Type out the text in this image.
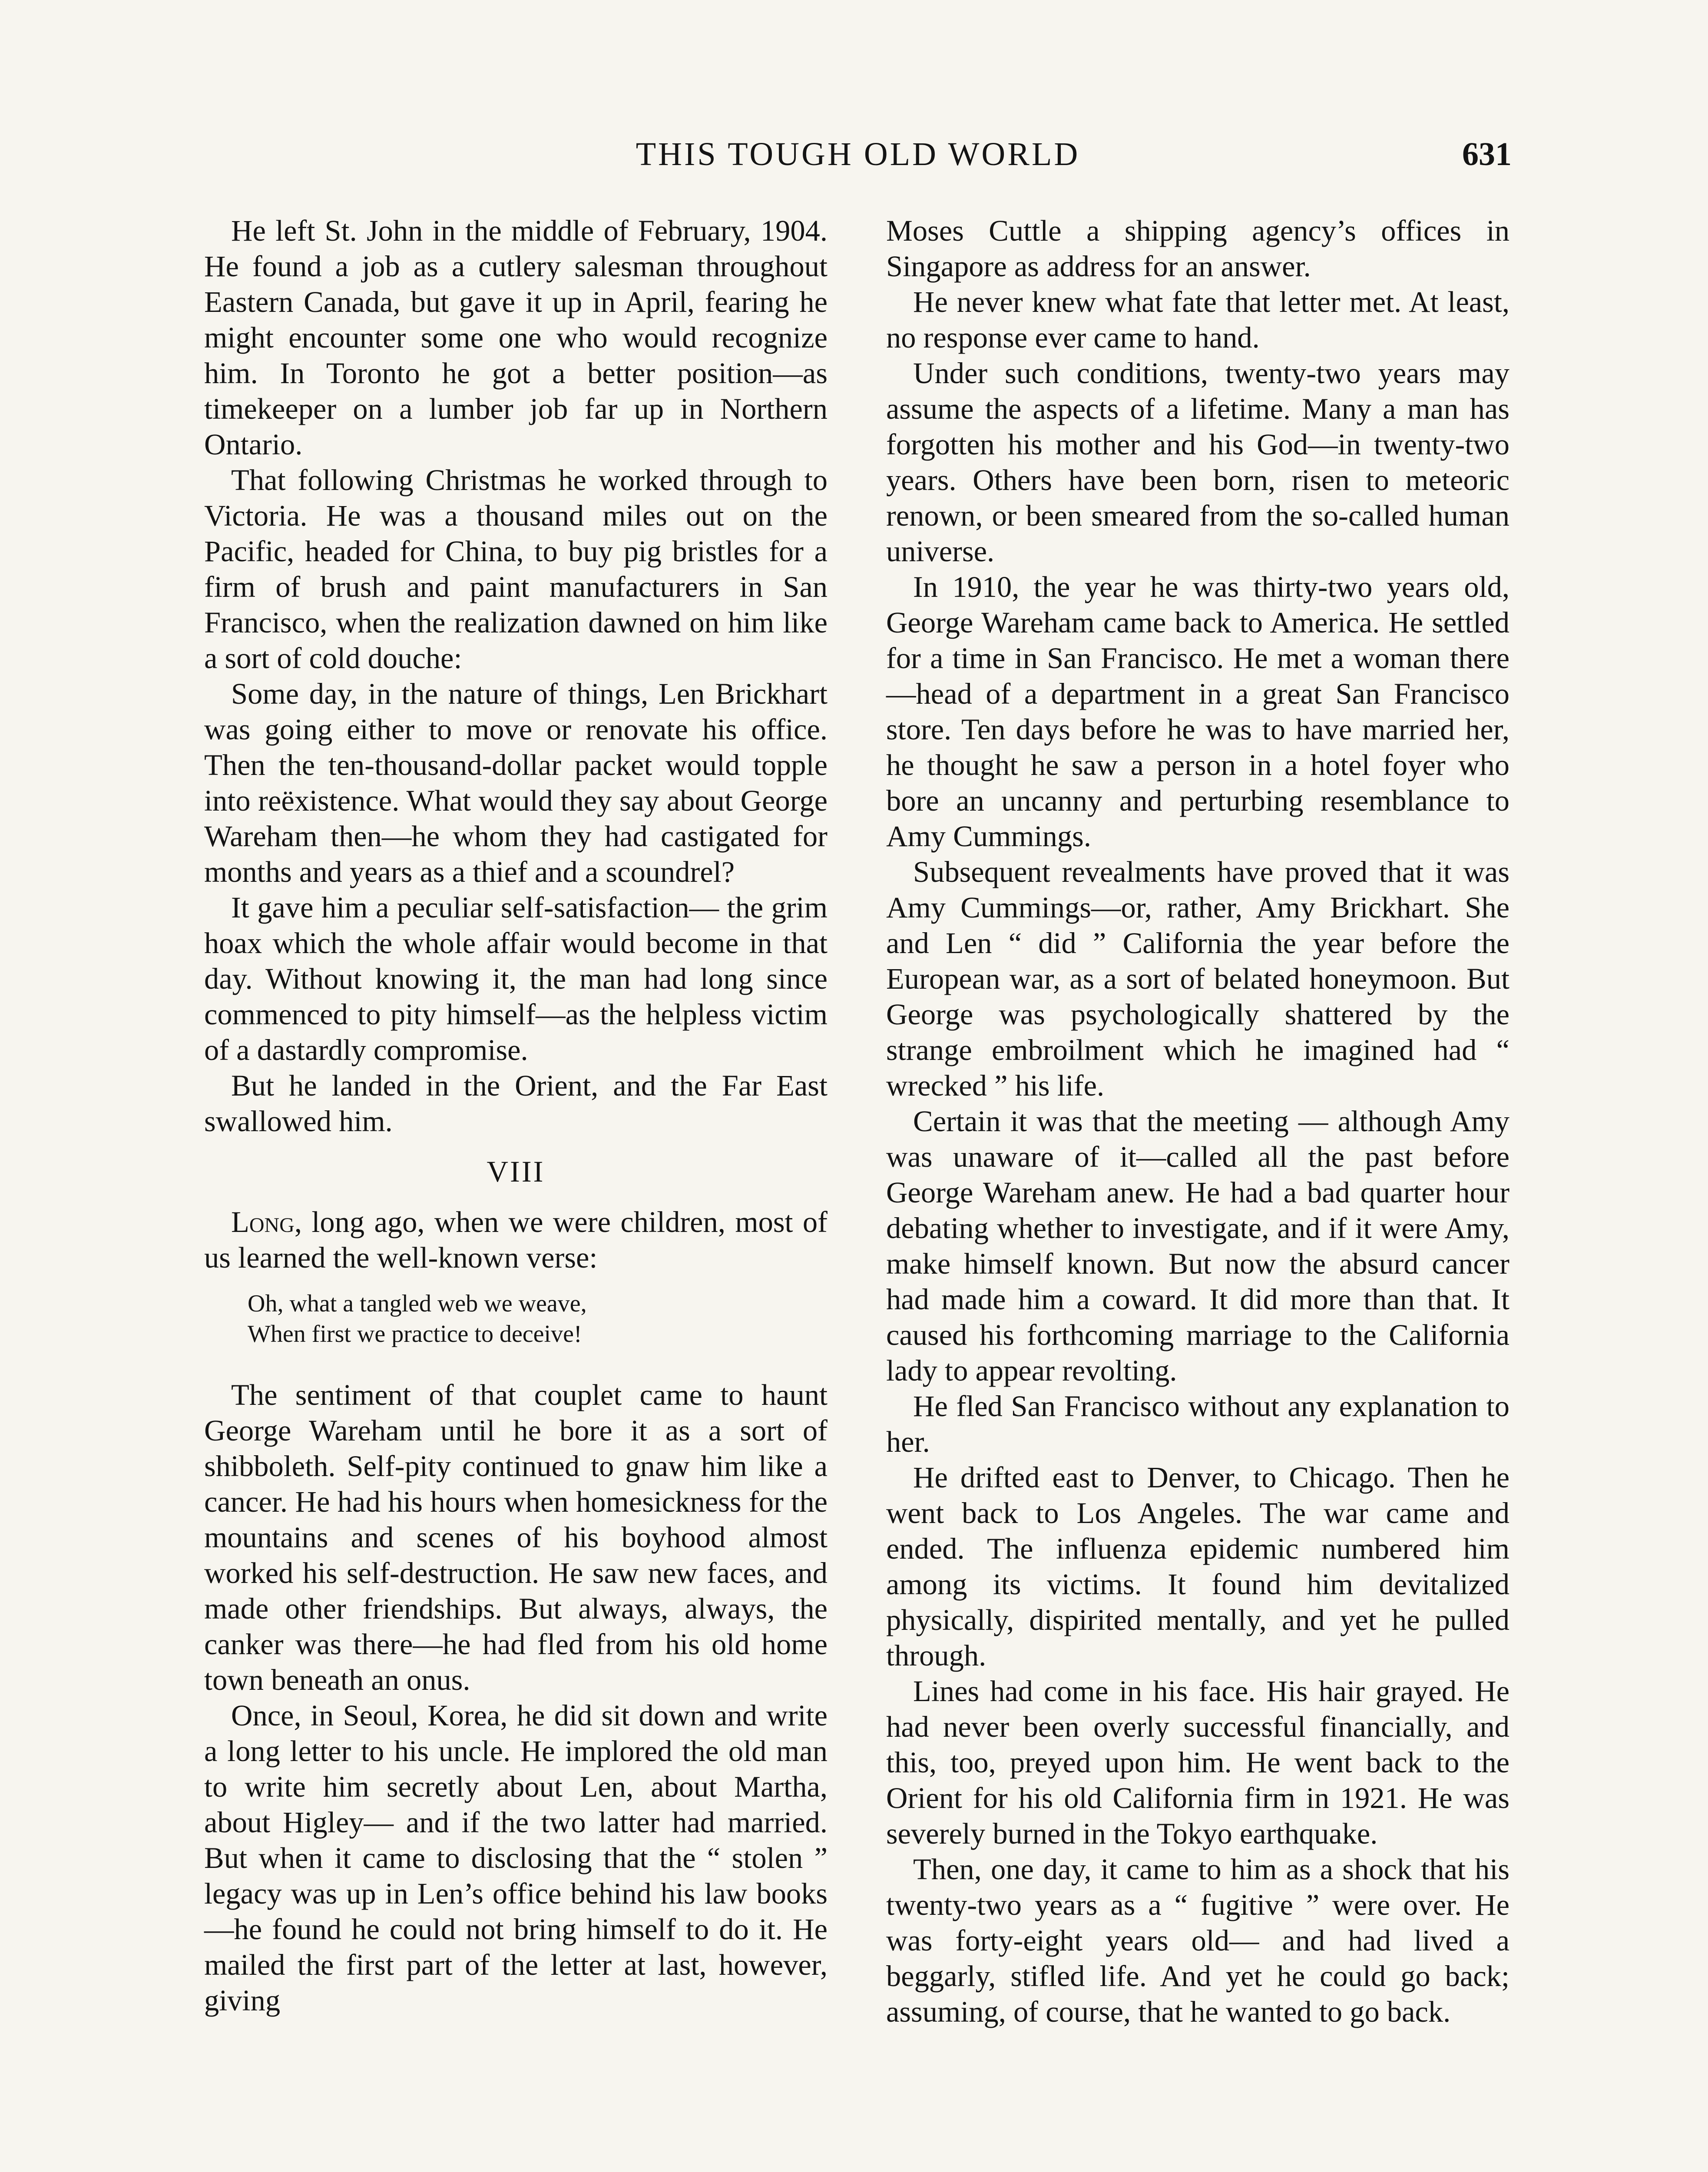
THIS TOUGH OLD WORLD	631

He left St. John in the middle of February, 1904. He found a job as a cutlery salesman throughout Eastern Canada, but gave it up in April, fearing he might encounter some one who would recognize him. In Toronto he got a better position—as timekeeper on a lumber job far up in Northern Ontario.

That following Christmas he worked through to Victoria. He was a thousand miles out on the Pacific, headed for China, to buy pig bristles for a firm of brush and paint manufacturers in San Francisco, when the realization dawned on him like a sort of cold douche:

Some day, in the nature of things, Len Brickhart was going either to move or renovate his office. Then the ten-thousand-dollar packet would topple into reëxistence. What would they say about George Wareham then—he whom they had castigated for months and years as a thief and a scoundrel?

It gave him a peculiar self-satisfaction— the grim hoax which the whole affair would become in that day. Without knowing it, the man had long since commenced to pity himself—as the helpless victim of a dastardly compromise.

But he landed in the Orient, and the Far East swallowed him.

VIII

Long, long ago, when we were children, most of us learned the well-known verse:

Oh, what a tangled web we weave,
When first we practice to deceive!

The sentiment of that couplet came to haunt George Wareham until he bore it as a sort of shibboleth. Self-pity continued to gnaw him like a cancer. He had his hours when homesickness for the mountains and scenes of his boyhood almost worked his self-destruction. He saw new faces, and made other friendships. But always, always, the canker was there—he had fled from his old home town beneath an onus.

Once, in Seoul, Korea, he did sit down and write a long letter to his uncle. He implored the old man to write him secretly about Len, about Martha, about Higley— and if the two latter had married. But when it came to disclosing that the “ stolen ” legacy was up in Len’s office behind his law books—he found he could not bring himself to do it. He mailed the first part of the letter at last, however, giving

Moses Cuttle a shipping agency’s offices in Singapore as address for an answer.

He never knew what fate that letter met. At least, no response ever came to hand.

Under such conditions, twenty-two years may assume the aspects of a lifetime. Many a man has forgotten his mother and his God—in twenty-two years. Others have been born, risen to meteoric renown, or been smeared from the so-called human universe.

In 1910, the year he was thirty-two years old, George Wareham came back to America. He settled for a time in San Francisco. He met a woman there—head of a department in a great San Francisco store. Ten days before he was to have married her, he thought he saw a person in a hotel foyer who bore an uncanny and perturbing resemblance to Amy Cummings.

Subsequent revealments have proved that it was Amy Cummings—or, rather, Amy Brickhart. She and Len “ did ” California the year before the European war, as a sort of belated honeymoon. But George was psychologically shattered by the strange embroilment which he imagined had “ wrecked ” his life.

Certain it was that the meeting — although Amy was unaware of it—called all the past before George Wareham anew. He had a bad quarter hour debating whether to investigate, and if it were Amy, make himself known. But now the absurd cancer had made him a coward. It did more than that. It caused his forthcoming marriage to the California lady to appear revolting.

He fled San Francisco without any explanation to her.

He drifted east to Denver, to Chicago. Then he went back to Los Angeles. The war came and ended. The influenza epidemic numbered him among its victims. It found him devitalized physically, dispirited mentally, and yet he pulled through.

Lines had come in his face. His hair grayed. He had never been overly successful financially, and this, too, preyed upon him. He went back to the Orient for his old California firm in 1921. He was severely burned in the Tokyo earthquake.

Then, one day, it came to him as a shock that his twenty-two years as a “ fugitive ” were over. He was forty-eight years old— and had lived a beggarly, stifled life. And yet he could go back; assuming, of course, that he wanted to go back.
